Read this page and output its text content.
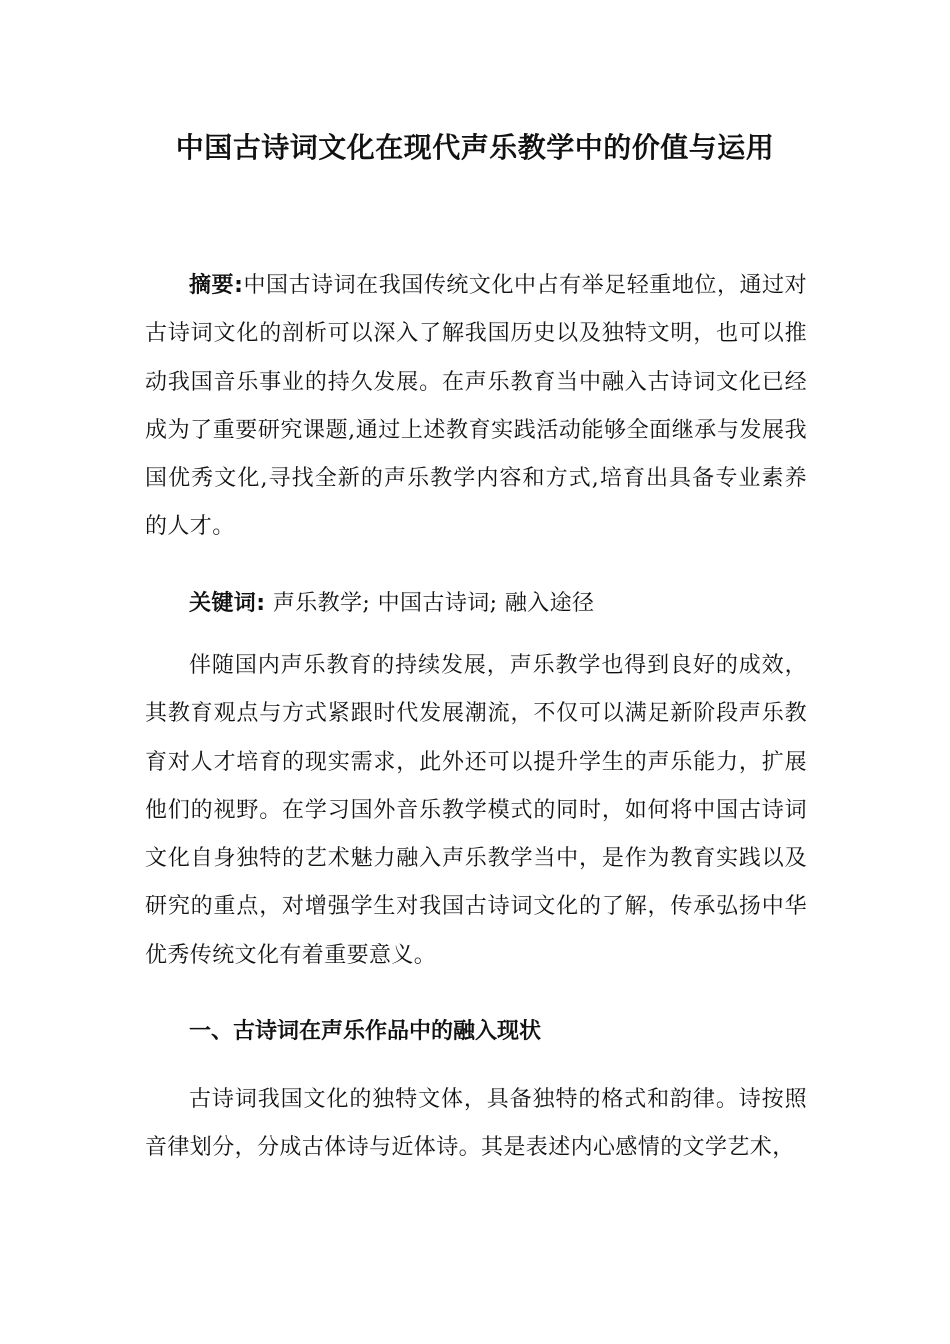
中国古诗词文化在现代声乐教学中的价值与运用
摘要:中国古诗词在我国传统文化中占有举足轻重地位，通过对古诗词文化的剖析可以深入了解我国历史以及独特文明，也可以推动我国音乐事业的持久发展。在声乐教育当中融入古诗词文化已经成为了重要研究课题,通过上述教育实践活动能够全面继承与发展我国优秀文化,寻找全新的声乐教学内容和方式,培育出具备专业素养的人才。
关键词: 声乐教学; 中国古诗词; 融入途径
伴随国内声乐教育的持续发展，声乐教学也得到良好的成效，其教育观点与方式紧跟时代发展潮流，不仅可以满足新阶段声乐教育对人才培育的现实需求，此外还可以提升学生的声乐能力，扩展他们的视野。在学习国外音乐教学模式的同时，如何将中国古诗词文化自身独特的艺术魅力融入声乐教学当中，是作为教育实践以及研究的重点，对增强学生对我国古诗词文化的了解，传承弘扬中华优秀传统文化有着重要意义。
一、古诗词在声乐作品中的融入现状
古诗词我国文化的独特文体，具备独特的格式和韵律。诗按照音律划分，分成古体诗与近体诗。其是表述内心感情的文学艺术，
